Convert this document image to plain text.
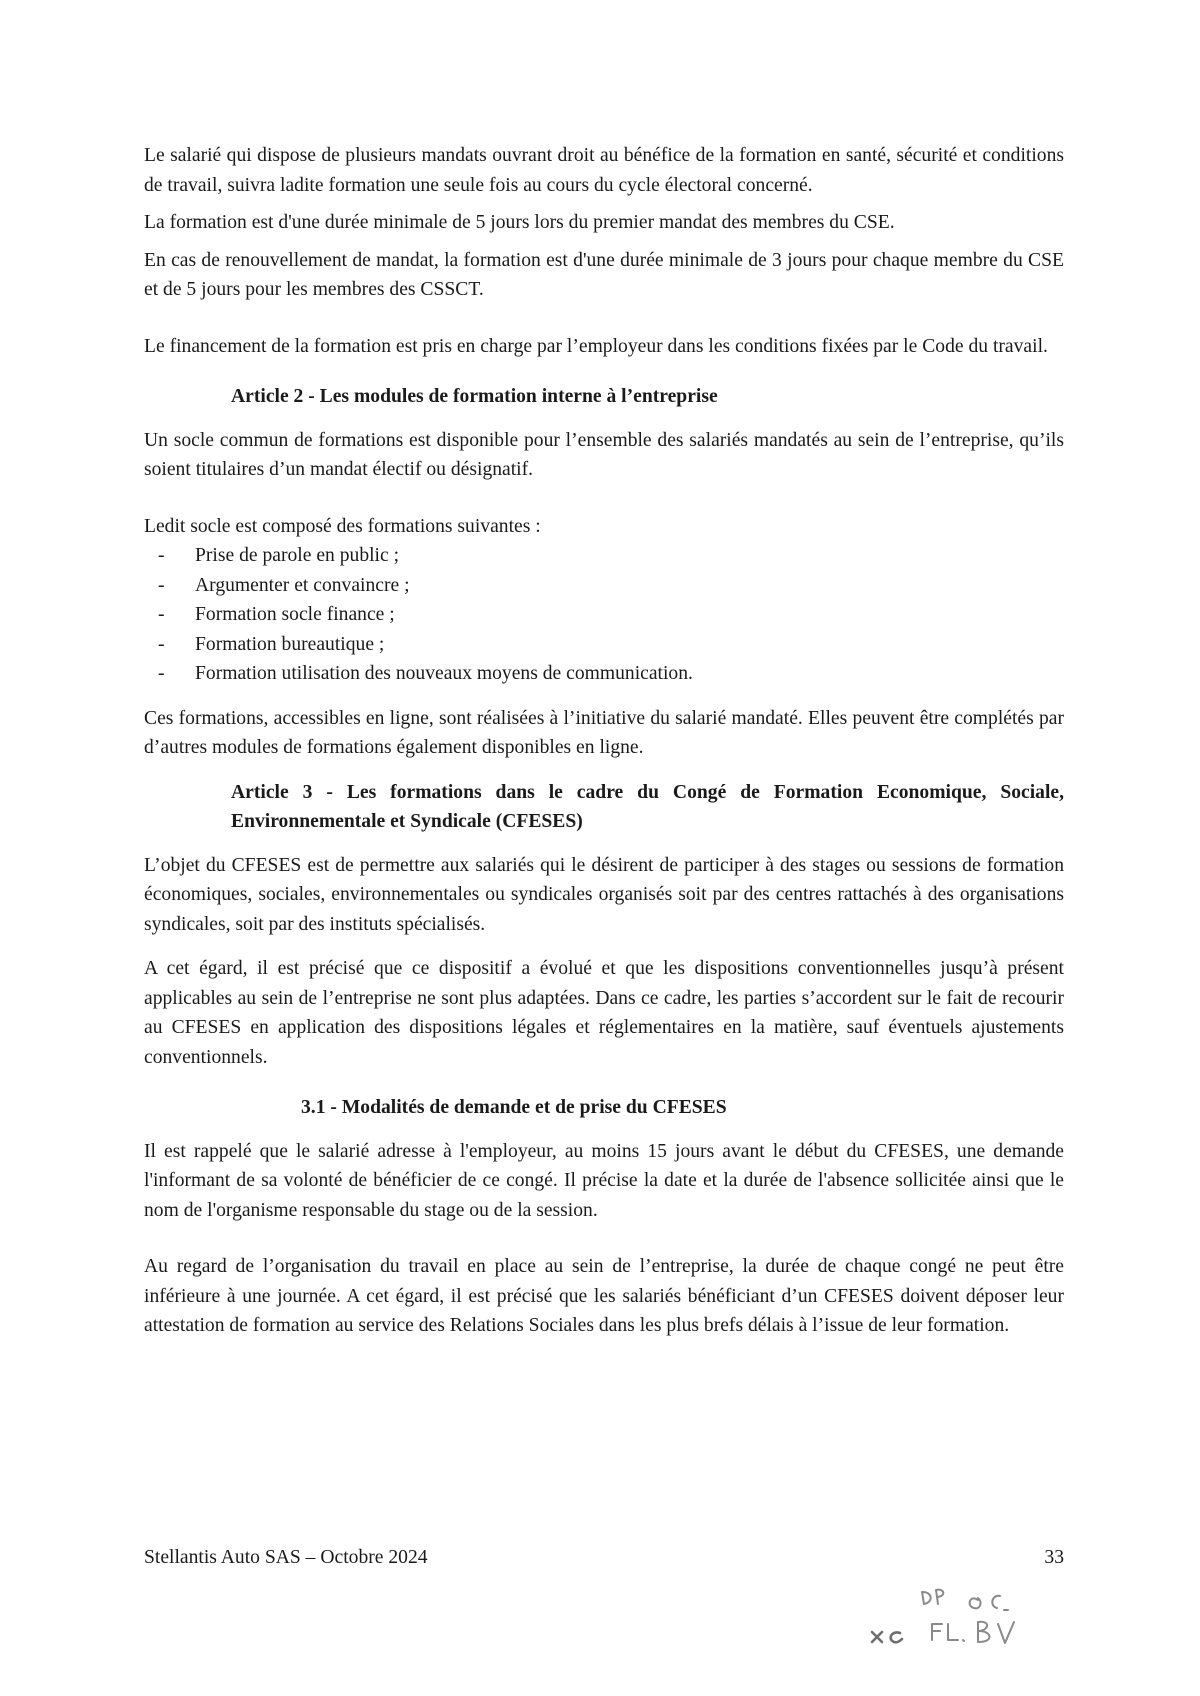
Le salarié qui dispose de plusieurs mandats ouvrant droit au bénéfice de la formation en santé, sécurité et conditions de travail, suivra ladite formation une seule fois au cours du cycle électoral concerné.

La formation est d'une durée minimale de 5 jours lors du premier mandat des membres du CSE.

En cas de renouvellement de mandat, la formation est d'une durée minimale de 3 jours pour chaque membre du CSE et de 5 jours pour les membres des CSSCT.

Le financement de la formation est pris en charge par l’employeur dans les conditions fixées par le Code du travail.

Article 2 - Les modules de formation interne à l’entreprise

Un socle commun de formations est disponible pour l’ensemble des salariés mandatés au sein de l’entreprise, qu’ils soient titulaires d’un mandat électif ou désignatif.

Ledit socle est composé des formations suivantes :

- Prise de parole en public ;
- Argumenter et convaincre ;
- Formation socle finance ;
- Formation bureautique ;
- Formation utilisation des nouveaux moyens de communication.

Ces formations, accessibles en ligne, sont réalisées à l’initiative du salarié mandaté. Elles peuvent être complétés par d’autres modules de formations également disponibles en ligne.

Article 3 - Les formations dans le cadre du Congé de Formation Economique, Sociale, Environnementale et Syndicale (CFESES)

L’objet du CFESES est de permettre aux salariés qui le désirent de participer à des stages ou sessions de formation économiques, sociales, environnementales ou syndicales organisés soit par des centres rattachés à des organisations syndicales, soit par des instituts spécialisés.

A cet égard, il est précisé que ce dispositif a évolué et que les dispositions conventionnelles jusqu’à présent applicables au sein de l’entreprise ne sont plus adaptées. Dans ce cadre, les parties s’accordent sur le fait de recourir au CFESES en application des dispositions légales et réglementaires en la matière, sauf éventuels ajustements conventionnels.

3.1 - Modalités de demande et de prise du CFESES

Il est rappelé que le salarié adresse à l'employeur, au moins 15 jours avant le début du CFESES, une demande l'informant de sa volonté de bénéficier de ce congé. Il précise la date et la durée de l'absence sollicitée ainsi que le nom de l'organisme responsable du stage ou de la session.

Au regard de l’organisation du travail en place au sein de l’entreprise, la durée de chaque congé ne peut être inférieure à une journée. A cet égard, il est précisé que les salariés bénéficiant d’un CFESES doivent déposer leur attestation de formation au service des Relations Sociales dans les plus brefs délais à l’issue de leur formation.

Stellantis Auto SAS – Octobre 2024	33
